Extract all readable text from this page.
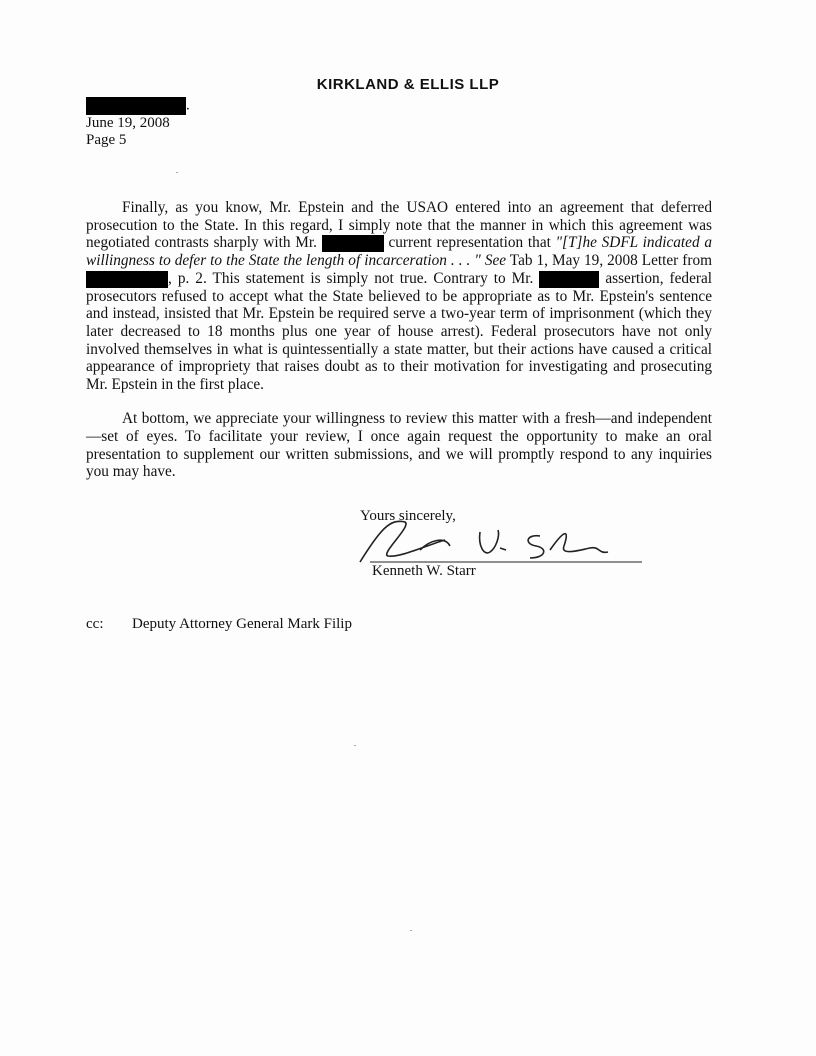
KIRKLAND & ELLIS LLP
.
June 19, 2008
Page 5

Finally, as you know, Mr. Epstein and the USAO entered into an agreement that deferred prosecution to the State. In this regard, I simply note that the manner in which this agreement was negotiated contrasts sharply with Mr.	current representation that "[T]he SDFL indicated a willingness to defer to the State the length of incarceration . . . " See Tab 1, May 19, 2008 Letter from , p. 2. This statement is simply not true. Contrary to Mr.	assertion, federal prosecutors refused to accept what the State believed to be appropriate as to Mr. Epstein's sentence and instead, insisted that Mr. Epstein be required serve a two-year term of imprisonment (which they later decreased to 18 months plus one year of house arrest). Federal prosecutors have not only involved themselves in what is quintessentially a state matter, but their actions have caused a critical appearance of impropriety that raises doubt as to their motivation for investigating and prosecuting Mr. Epstein in the first place.

At bottom, we appreciate your willingness to review this matter with a fresh—and independent—set of eyes. To facilitate your review, I once again request the opportunity to make an oral presentation to supplement our written submissions, and we will promptly respond to any inquiries you may have.

Yours sincerely,
Kenneth W. Starr
cc: Deputy Attorney General Mark Filip
